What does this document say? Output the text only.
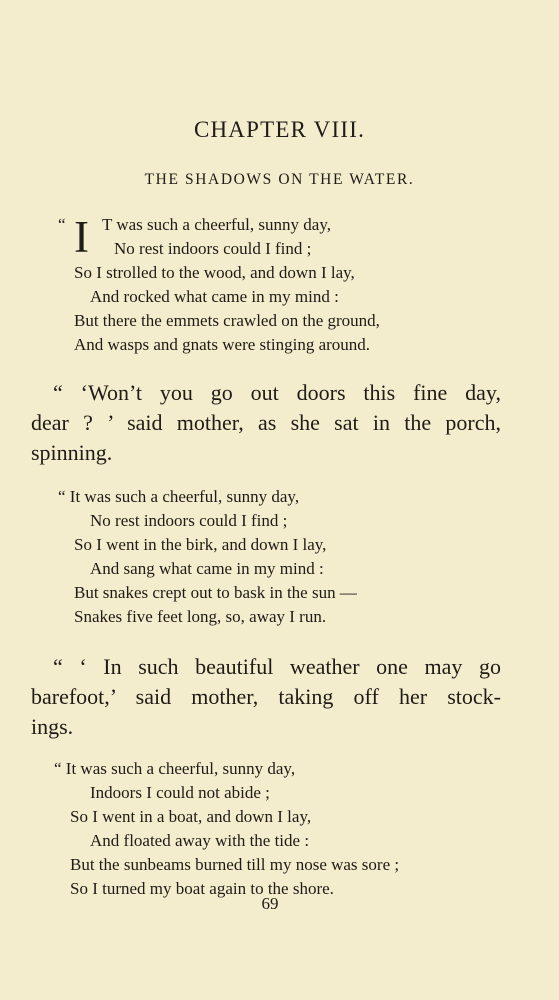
CHAPTER VIII.
THE SHADOWS ON THE WATER.
“ I T was such a cheerful, sunny day,
No rest indoors could I find ;
So I strolled to the wood, and down I lay,
And rocked what came in my mind :
But there the emmets crawled on the ground,
And wasps and gnats were stinging around.
“ ‘Won’t you go out doors this fine day,
dear ? ’ said mother, as she sat in the porch,
spinning.
“ It was such a cheerful, sunny day,
No rest indoors could I find ;
So I went in the birk, and down I lay,
And sang what came in my mind :
But snakes crept out to bask in the sun —
Snakes five feet long, so, away I run.
“ ‘ In such beautiful weather one may go
barefoot,’ said mother, taking off her stock-
ings.
“ It was such a cheerful, sunny day,
Indoors I could not abide ;
So I went in a boat, and down I lay,
And floated away with the tide :
But the sunbeams burned till my nose was sore ;
So I turned my boat again to the shore.
69
